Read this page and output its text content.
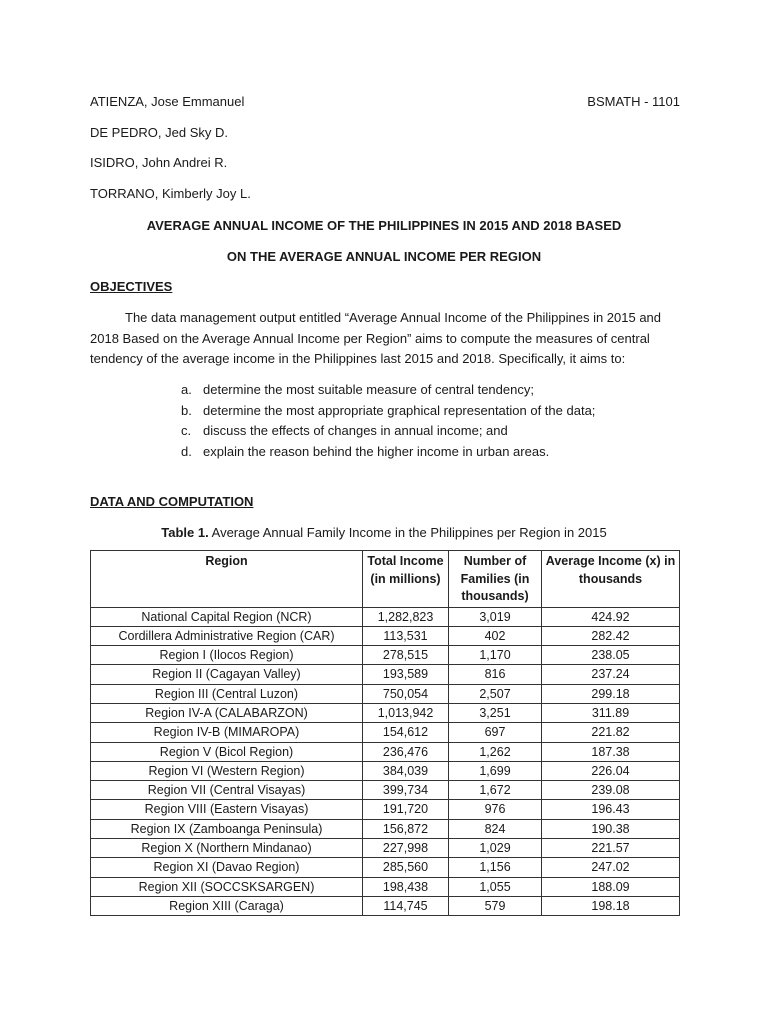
ATIENZA, Jose Emmanuel	BSMATH - 1101
DE PEDRO, Jed Sky D.
ISIDRO, John Andrei R.
TORRANO, Kimberly Joy L.
AVERAGE ANNUAL INCOME OF THE PHILIPPINES IN 2015 AND 2018 BASED
ON THE AVERAGE ANNUAL INCOME PER REGION
OBJECTIVES
The data management output entitled “Average Annual Income of the Philippines in 2015 and 2018 Based on the Average Annual Income per Region” aims to compute the measures of central tendency of the average income in the Philippines last 2015 and 2018. Specifically, it aims to:
a. determine the most suitable measure of central tendency;
b. determine the most appropriate graphical representation of the data;
c. discuss the effects of changes in annual income; and
d. explain the reason behind the higher income in urban areas.
DATA AND COMPUTATION
Table 1. Average Annual Family Income in the Philippines per Region in 2015
Region	Total Income (in millions)	Number of Families (in thousands)	Average Income (x) in thousands
National Capital Region (NCR)	1,282,823	3,019	424.92
Cordillera Administrative Region (CAR)	113,531	402	282.42
Region I (Ilocos Region)	278,515	1,170	238.05
Region II (Cagayan Valley)	193,589	816	237.24
Region III (Central Luzon)	750,054	2,507	299.18
Region IV-A (CALABARZON)	1,013,942	3,251	311.89
Region IV-B (MIMAROPA)	154,612	697	221.82
Region V (Bicol Region)	236,476	1,262	187.38
Region VI (Western Region)	384,039	1,699	226.04
Region VII (Central Visayas)	399,734	1,672	239.08
Region VIII (Eastern Visayas)	191,720	976	196.43
Region IX (Zamboanga Peninsula)	156,872	824	190.38
Region X (Northern Mindanao)	227,998	1,029	221.57
Region XI (Davao Region)	285,560	1,156	247.02
Region XII (SOCCSKSARGEN)	198,438	1,055	188.09
Region XIII (Caraga)	114,745	579	198.18
